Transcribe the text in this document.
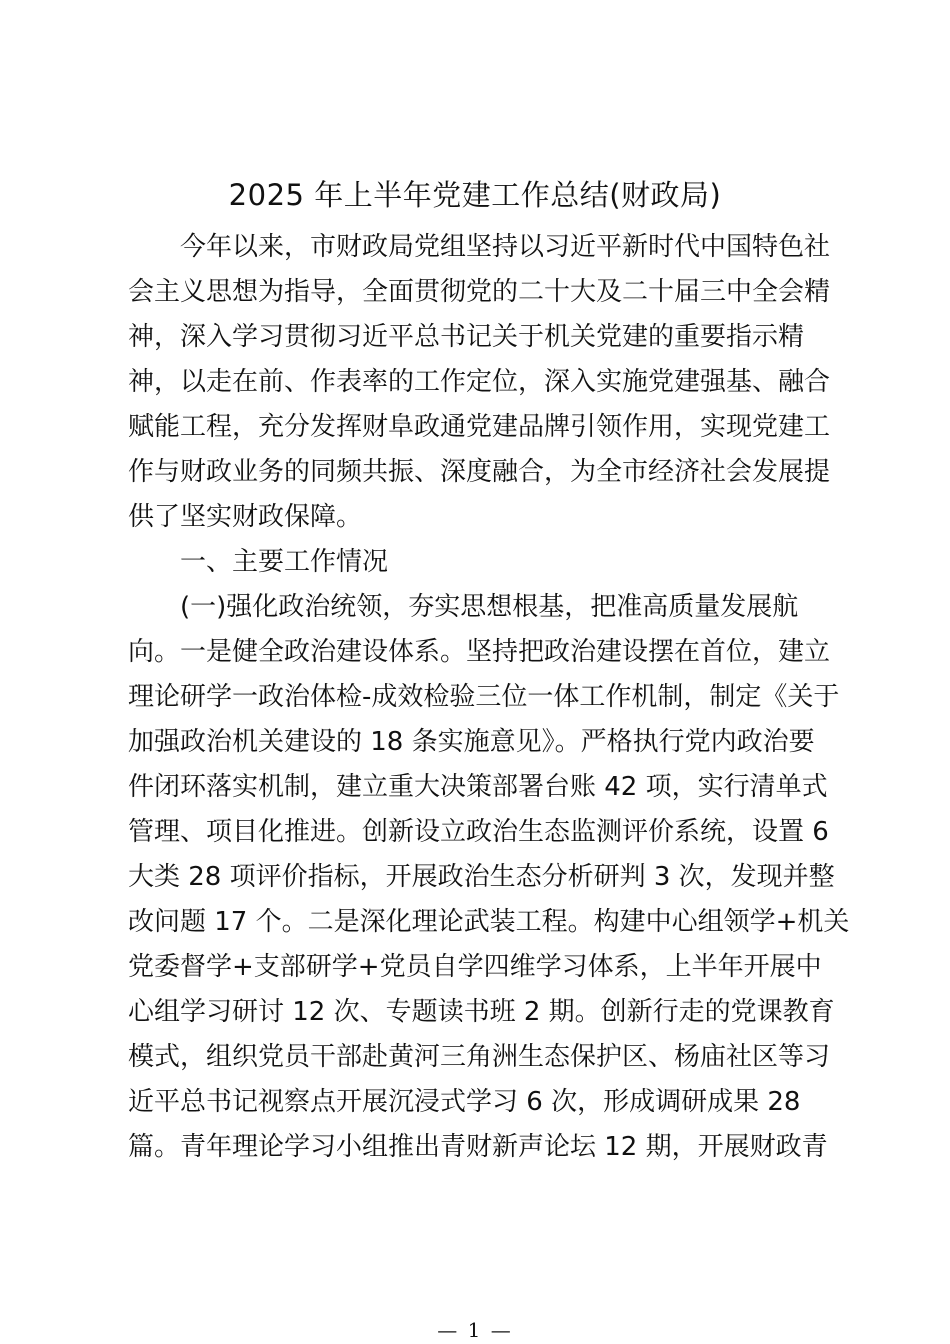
2025 年上半年党建工作总结(财政局)
今年以来，市财政局党组坚持以习近平新时代中国特色社
会主义思想为指导，全面贯彻党的二十大及二十届三中全会精
神，深入学习贯彻习近平总书记关于机关党建的重要指示精
神，以走在前、作表率的工作定位，深入实施党建强基、融合
赋能工程，充分发挥财阜政通党建品牌引领作用，实现党建工
作与财政业务的同频共振、深度融合，为全市经济社会发展提
供了坚实财政保障。
一、主要工作情况
(一)强化政治统领，夯实思想根基，把准高质量发展航
向。一是健全政治建设体系。坚持把政治建设摆在首位，建立
理论研学一政治体检-成效检验三位一体工作机制，制定《关于
加强政治机关建设的 18 条实施意见》。严格执行党内政治要
件闭环落实机制，建立重大决策部署台账 42 项，实行清单式
管理、项目化推进。创新设立政治生态监测评价系统，设置 6
大类 28 项评价指标，开展政治生态分析研判 3 次，发现并整
改问题 17 个。二是深化理论武装工程。构建中心组领学+机关
党委督学+支部研学+党员自学四维学习体系，上半年开展中
心组学习研讨 12 次、专题读书班 2 期。创新行走的党课教育
模式，组织党员干部赴黄河三角洲生态保护区、杨庙社区等习
近平总书记视察点开展沉浸式学习 6 次，形成调研成果 28
篇。青年理论学习小组推出青财新声论坛 12 期，开展财政青
— 1 —
